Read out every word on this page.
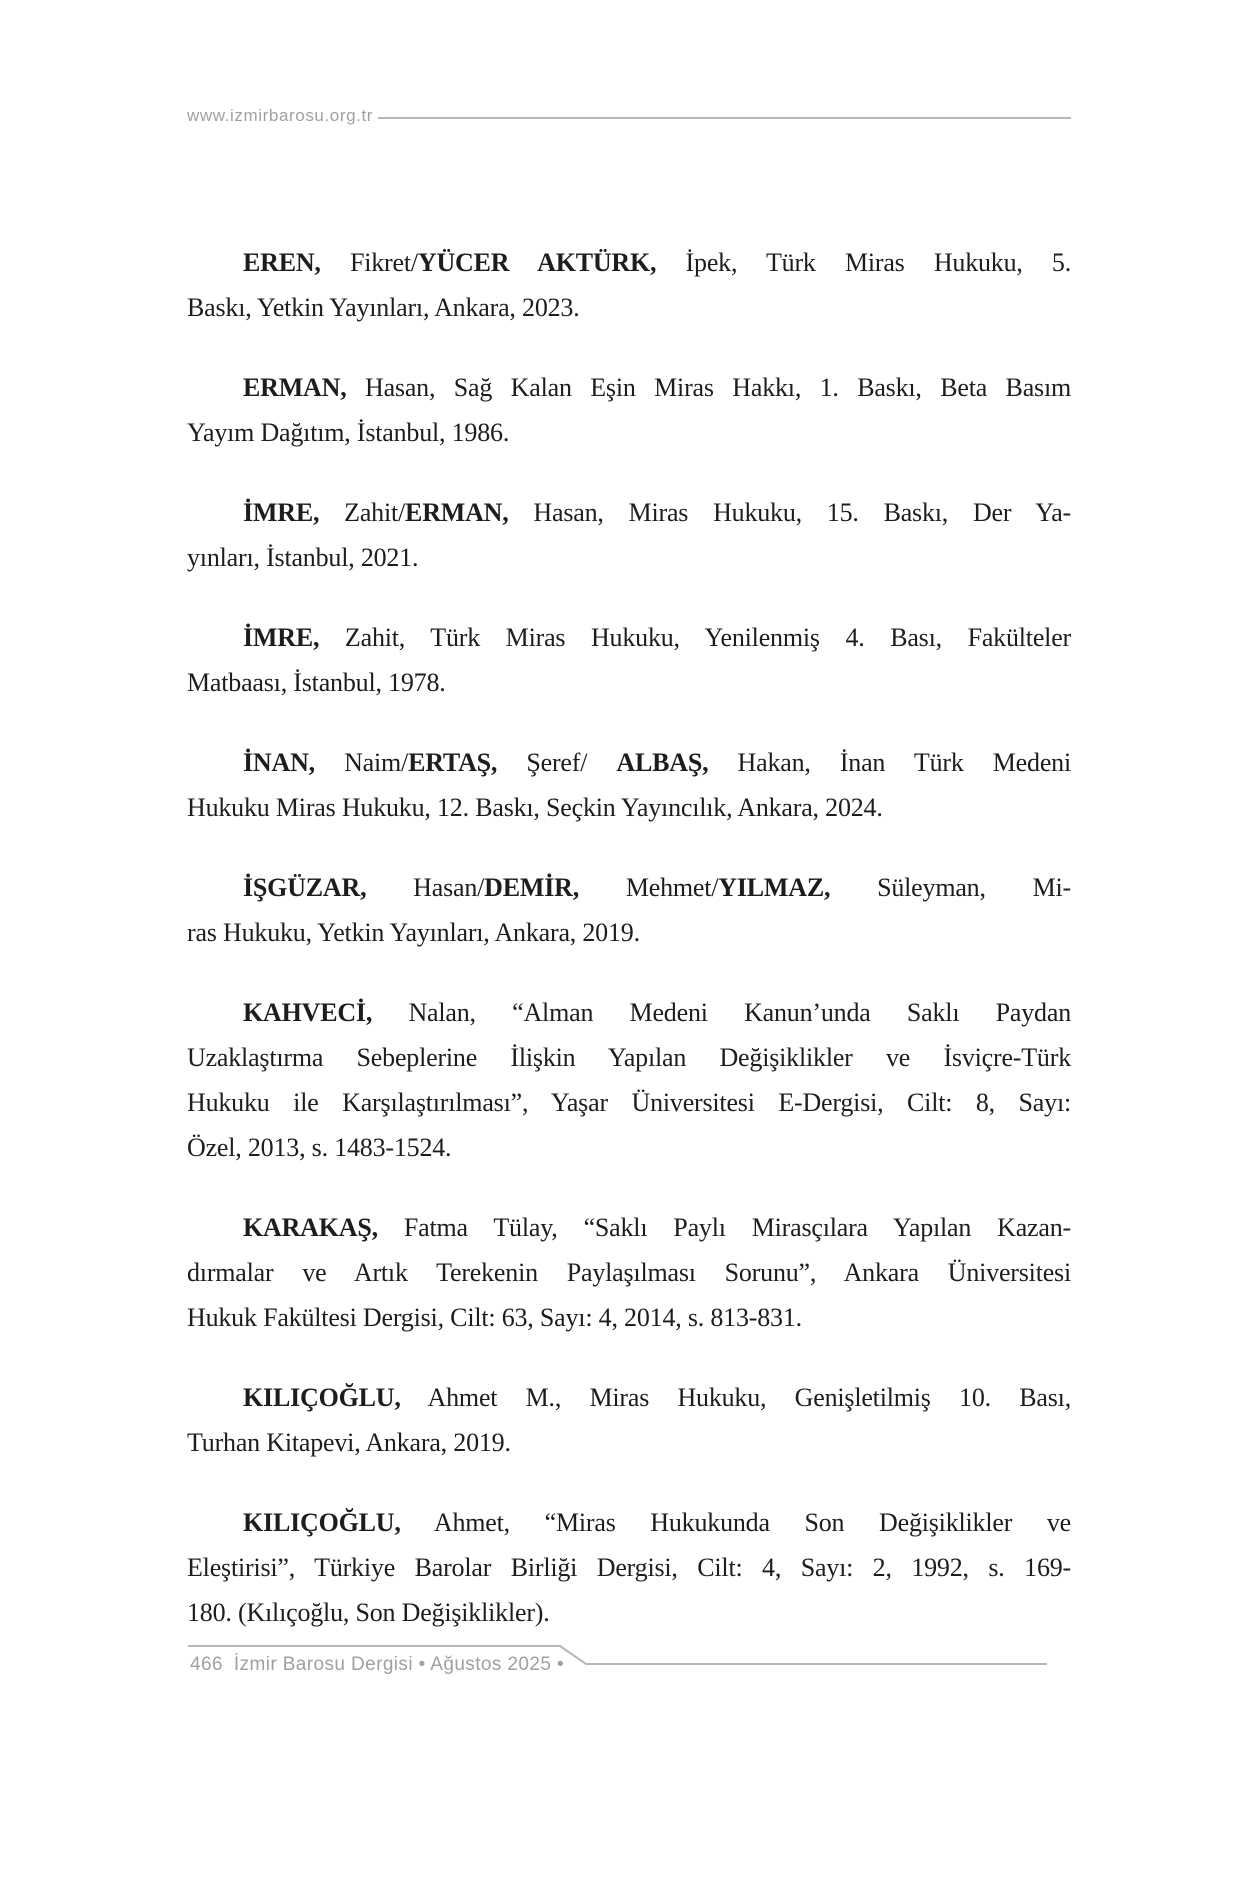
www.izmirbarosu.org.tr
EREN, Fikret/YÜCER AKTÜRK, İpek, Türk Miras Hukuku, 5.
Baskı, Yetkin Yayınları, Ankara, 2023.
ERMAN, Hasan, Sağ Kalan Eşin Miras Hakkı, 1. Baskı, Beta Basım
Yayım Dağıtım, İstanbul, 1986.
İMRE, Zahit/ERMAN, Hasan, Miras Hukuku, 15. Baskı, Der Ya-
yınları, İstanbul, 2021.
İMRE, Zahit, Türk Miras Hukuku, Yenilenmiş 4. Bası, Fakülteler
Matbaası, İstanbul, 1978.
İNAN, Naim/ERTAŞ, Şeref/ ALBAŞ, Hakan, İnan Türk Medeni
Hukuku Miras Hukuku, 12. Baskı, Seçkin Yayıncılık, Ankara, 2024.
İŞGÜZAR, Hasan/DEMİR, Mehmet/YILMAZ, Süleyman, Mi-
ras Hukuku, Yetkin Yayınları, Ankara, 2019.
KAHVECİ, Nalan, “Alman Medeni Kanun’unda Saklı Paydan
Uzaklaştırma Sebeplerine İlişkin Yapılan Değişiklikler ve İsviçre-Türk
Hukuku ile Karşılaştırılması”, Yaşar Üniversitesi E-Dergisi, Cilt: 8, Sayı:
Özel, 2013, s. 1483-1524.
KARAKAŞ, Fatma Tülay, “Saklı Paylı Mirasçılara Yapılan Kazan-
dırmalar ve Artık Terekenin Paylaşılması Sorunu”, Ankara Üniversitesi
Hukuk Fakültesi Dergisi, Cilt: 63, Sayı: 4, 2014, s. 813-831.
KILIÇOĞLU, Ahmet M., Miras Hukuku, Genişletilmiş 10. Bası,
Turhan Kitapevi, Ankara, 2019.
KILIÇOĞLU, Ahmet, “Miras Hukukunda Son Değişiklikler ve
Eleştirisi”, Türkiye Barolar Birliği Dergisi, Cilt: 4, Sayı: 2, 1992, s. 169-
180. (Kılıçoğlu, Son Değişiklikler).
466 İzmir Barosu Dergisi • Ağustos 2025 •
